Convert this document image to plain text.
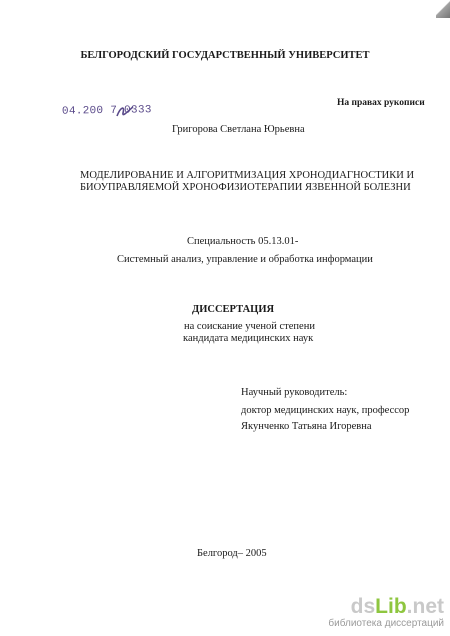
БЕЛГОРОДСКИЙ ГОСУДАРСТВЕННЫЙ УНИВЕРСИТЕТ
На правах рукописи
04.200 7 0333
Григорова Светлана Юрьевна
МОДЕЛИРОВАНИЕ И АЛГОРИТМИЗАЦИЯ ХРОНОДИАГНОСТИКИ И
БИОУПРАВЛЯЕМОЙ ХРОНОФИЗИОТЕРАПИИ ЯЗВЕННОЙ БОЛЕЗНИ
Специальность 05.13.01-
Системный анализ, управление и обработка информации
ДИССЕРТАЦИЯ
на соискание ученой степени
кандидата медицинских наук
Научный руководитель:
доктор медицинских наук, профессор
Якунченко Татьяна Игоревна
Белгород– 2005
dsLib.net
библиотека диссертаций
